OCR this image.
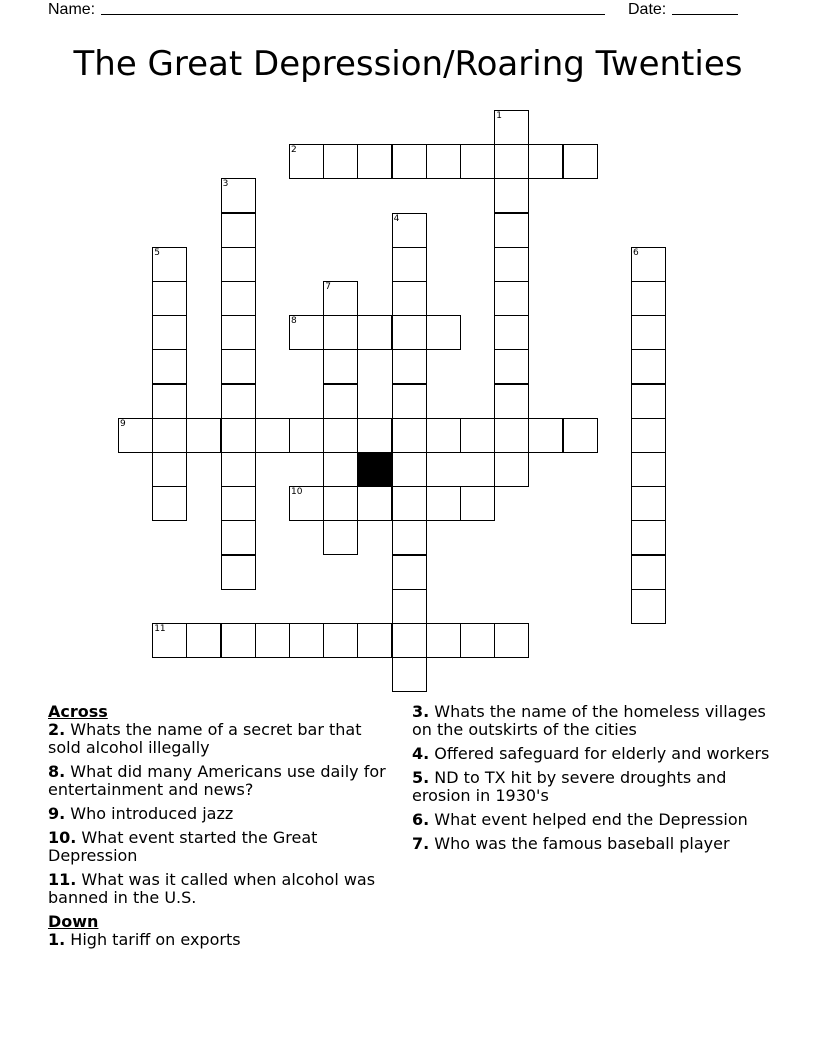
Name:	Date:
The Great Depression/Roaring Twenties
1
2
3
4
5	6
7
8
9
10
11

Across

2. Whats the name of a secret bar that sold alcohol illegally

8. What did many Americans use daily for entertainment and news?

9. Who introduced jazz

10. What event started the Great Depression

11. What was it called when alcohol was banned in the U.S.

Down

1. High tariff on exports

3. Whats the name of the homeless villages on the outskirts of the cities

4. Offered safeguard for elderly and workers

5. ND to TX hit by severe droughts and erosion in 1930's

6. What event helped end the Depression

7. Who was the famous baseball player
